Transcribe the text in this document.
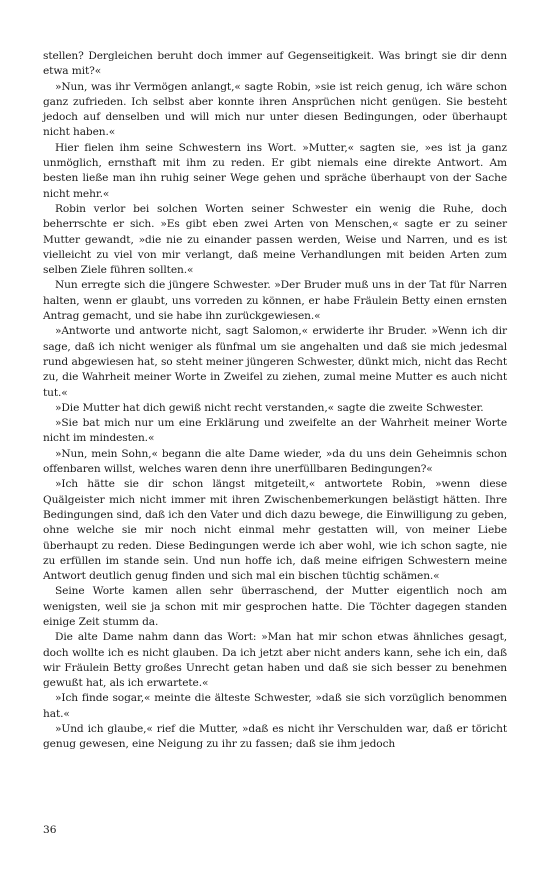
stellen? Dergleichen beruht doch immer auf Gegenseitigkeit. Was bringt sie dir denn etwa mit?«

»Nun, was ihr Vermögen anlangt,« sagte Robin, »sie ist reich genug, ich wäre schon ganz zufrieden. Ich selbst aber konnte ihren Ansprüchen nicht genügen. Sie besteht jedoch auf denselben und will mich nur unter diesen Bedingungen, oder überhaupt nicht haben.«

Hier fielen ihm seine Schwestern ins Wort. »Mutter,« sagten sie, »es ist ja ganz unmöglich, ernsthaft mit ihm zu reden. Er gibt niemals eine direkte Antwort. Am besten ließe man ihn ruhig seiner Wege gehen und spräche überhaupt von der Sache nicht mehr.«

Robin verlor bei solchen Worten seiner Schwester ein wenig die Ruhe, doch beherrschte er sich. »Es gibt eben zwei Arten von Menschen,« sagte er zu seiner Mutter gewandt, »die nie zu einander passen werden, Weise und Narren, und es ist vielleicht zu viel von mir verlangt, daß meine Verhandlungen mit beiden Arten zum selben Ziele führen sollten.«

Nun erregte sich die jüngere Schwester. »Der Bruder muß uns in der Tat für Narren halten, wenn er glaubt, uns vorreden zu können, er habe Fräulein Betty einen ernsten Antrag gemacht, und sie habe ihn zurückgewiesen.«

»Antworte und antworte nicht, sagt Salomon,« erwiderte ihr Bruder. »Wenn ich dir sage, daß ich nicht weniger als fünfmal um sie angehalten und daß sie mich jedesmal rund abgewiesen hat, so steht meiner jüngeren Schwester, dünkt mich, nicht das Recht zu, die Wahrheit meiner Worte in Zweifel zu ziehen, zumal meine Mutter es auch nicht tut.«

»Die Mutter hat dich gewiß nicht recht verstanden,« sagte die zweite Schwester.

»Sie bat mich nur um eine Erklärung und zweifelte an der Wahrheit meiner Worte nicht im mindesten.«

»Nun, mein Sohn,« begann die alte Dame wieder, »da du uns dein Geheimnis schon offenbaren willst, welches waren denn ihre unerfüllbaren Bedingungen?«

»Ich hätte sie dir schon längst mitgeteilt,« antwortete Robin, »wenn diese Quälgeister mich nicht immer mit ihren Zwischenbemerkungen belästigt hätten. Ihre Bedingungen sind, daß ich den Vater und dich dazu bewege, die Einwilligung zu geben, ohne welche sie mir noch nicht einmal mehr gestatten will, von meiner Liebe überhaupt zu reden. Diese Bedingungen werde ich aber wohl, wie ich schon sagte, nie zu erfüllen im stande sein. Und nun hoffe ich, daß meine eifrigen Schwestern meine Antwort deutlich genug finden und sich mal ein bischen tüchtig schämen.«

Seine Worte kamen allen sehr überraschend, der Mutter eigentlich noch am wenigsten, weil sie ja schon mit mir gesprochen hatte. Die Töchter dagegen standen einige Zeit stumm da.

Die alte Dame nahm dann das Wort: »Man hat mir schon etwas ähnliches gesagt, doch wollte ich es nicht glauben. Da ich jetzt aber nicht anders kann, sehe ich ein, daß wir Fräulein Betty großes Unrecht getan haben und daß sie sich besser zu benehmen gewußt hat, als ich erwartete.«

»Ich finde sogar,« meinte die älteste Schwester, »daß sie sich vorzüglich benommen hat.«

»Und ich glaube,« rief die Mutter, »daß es nicht ihr Verschulden war, daß er töricht genug gewesen, eine Neigung zu ihr zu fassen; daß sie ihm jedoch

36
